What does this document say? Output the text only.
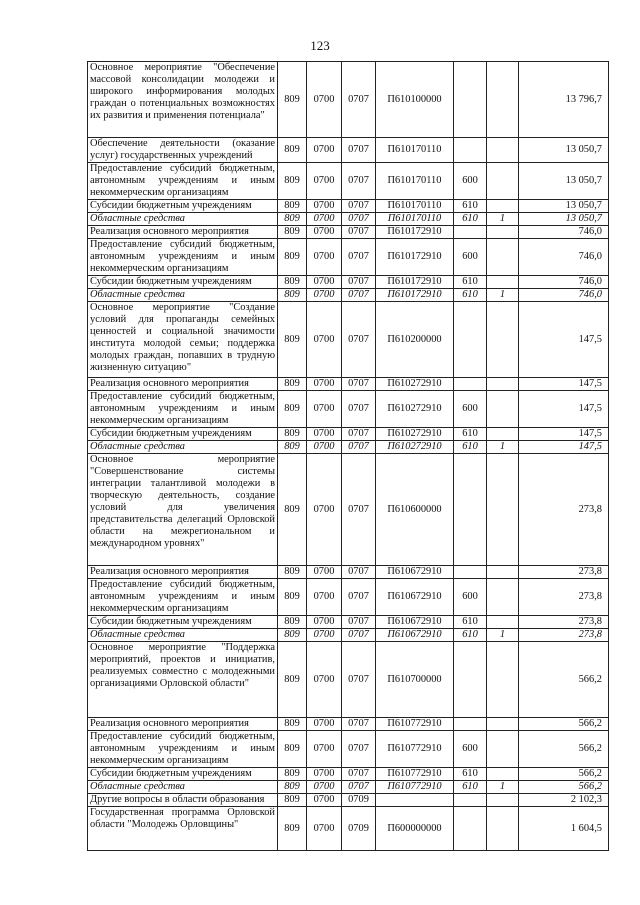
123
Основное мероприятие "Обеспечение массовой консолидации молодежи и широкого информирования молодых граждан о потенциальных возможностях их развития и применения потенциала"	809	0700	0707	П610100000			13 796,7
Обеспечение деятельности (оказание услуг) государственных учреждений	809	0700	0707	П610170110			13 050,7
Предоставление субсидий бюджетным, автономным учреждениям и иным некоммерческим организациям	809	0700	0707	П610170110	600		13 050,7
Субсидии бюджетным учреждениям	809	0700	0707	П610170110	610		13 050,7
Областные средства	809	0700	0707	П610170110	610	1	13 050,7
Реализация основного мероприятия	809	0700	0707	П610172910			746,0
Предоставление субсидий бюджетным, автономным учреждениям и иным некоммерческим организациям	809	0700	0707	П610172910	600		746,0
Субсидии бюджетным учреждениям	809	0700	0707	П610172910	610		746,0
Областные средства	809	0700	0707	П610172910	610	1	746,0
Основное мероприятие "Создание условий для пропаганды семейных ценностей и социальной значимости института молодой семьи; поддержка молодых граждан, попавших в трудную жизненную ситуацию"	809	0700	0707	П610200000			147,5
Реализация основного мероприятия	809	0700	0707	П610272910			147,5
Предоставление субсидий бюджетным, автономным учреждениям и иным некоммерческим организациям	809	0700	0707	П610272910	600		147,5
Субсидии бюджетным учреждениям	809	0700	0707	П610272910	610		147,5
Областные средства	809	0700	0707	П610272910	610	1	147,5
Основное мероприятие "Совершенствование системы интеграции талантливой молодежи в творческую деятельность, создание условий для увеличения представительства делегаций Орловской области на межрегиональном и международном уровнях"	809	0700	0707	П610600000			273,8
Реализация основного мероприятия	809	0700	0707	П610672910			273,8
Предоставление субсидий бюджетным, автономным учреждениям и иным некоммерческим организациям	809	0700	0707	П610672910	600		273,8
Субсидии бюджетным учреждениям	809	0700	0707	П610672910	610		273,8
Областные средства	809	0700	0707	П610672910	610	1	273,8
Основное мероприятие "Поддержка мероприятий, проектов и инициатив, реализуемых совместно с молодежными организациями Орловской области"	809	0700	0707	П610700000			566,2
Реализация основного мероприятия	809	0700	0707	П610772910			566,2
Предоставление субсидий бюджетным, автономным учреждениям и иным некоммерческим организациям	809	0700	0707	П610772910	600		566,2
Субсидии бюджетным учреждениям	809	0700	0707	П610772910	610		566,2
Областные средства	809	0700	0707	П610772910	610	1	566,2
Другие вопросы в области образования	809	0700	0709				2 102,3
Государственная программа Орловской области "Молодежь Орловщины"	809	0700	0709	П600000000			1 604,5
